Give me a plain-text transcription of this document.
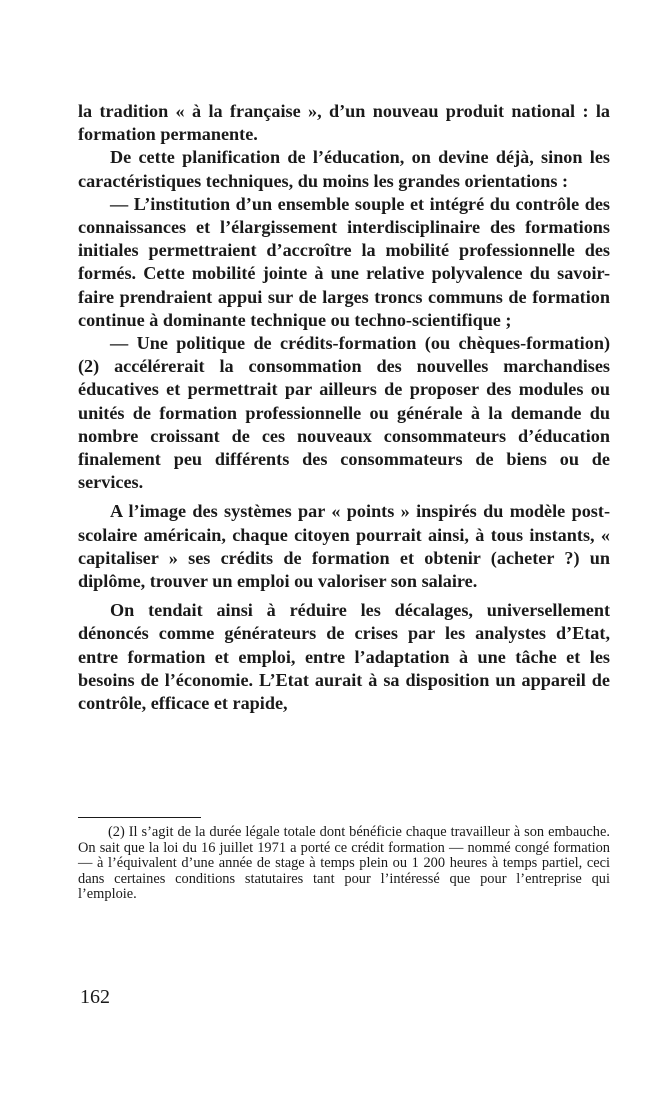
la tradition « à la française », d’un nouveau produit national : la formation permanente.

De cette planification de l’éducation, on devine déjà, sinon les caractéristiques techniques, du moins les grandes orientations :

— L’institution d’un ensemble souple et intégré du contrôle des connaissances et l’élargissement interdisciplinaire des formations initiales permettraient d’accroître la mobilité professionnelle des formés. Cette mobilité jointe à une relative polyvalence du savoir-faire prendraient appui sur de larges troncs communs de formation continue à dominante technique ou techno-scientifique ;

— Une politique de crédits-formation (ou chèques-formation) (2) accélérerait la consommation des nouvelles marchandises éducatives et permettrait par ailleurs de proposer des modules ou unités de formation professionnelle ou générale à la demande du nombre croissant de ces nouveaux consommateurs d’éducation finalement peu différents des consommateurs de biens ou de services.

A l’image des systèmes par « points » inspirés du modèle post-scolaire américain, chaque citoyen pourrait ainsi, à tous instants, « capitaliser » ses crédits de formation et obtenir (acheter ?) un diplôme, trouver un emploi ou valoriser son salaire.

On tendait ainsi à réduire les décalages, universellement dénoncés comme générateurs de crises par les analystes d’Etat, entre formation et emploi, entre l’adaptation à une tâche et les besoins de l’économie. L’Etat aurait à sa disposition un appareil de contrôle, efficace et rapide,

(2) Il s’agit de la durée légale totale dont bénéficie chaque travailleur à son embauche. On sait que la loi du 16 juillet 1971 a porté ce crédit formation — nommé congé formation — à l’équivalent d’une année de stage à temps plein ou 1 200 heures à temps partiel, ceci dans certaines conditions statutaires tant pour l’intéressé que pour l’entreprise qui l’emploie.

162
